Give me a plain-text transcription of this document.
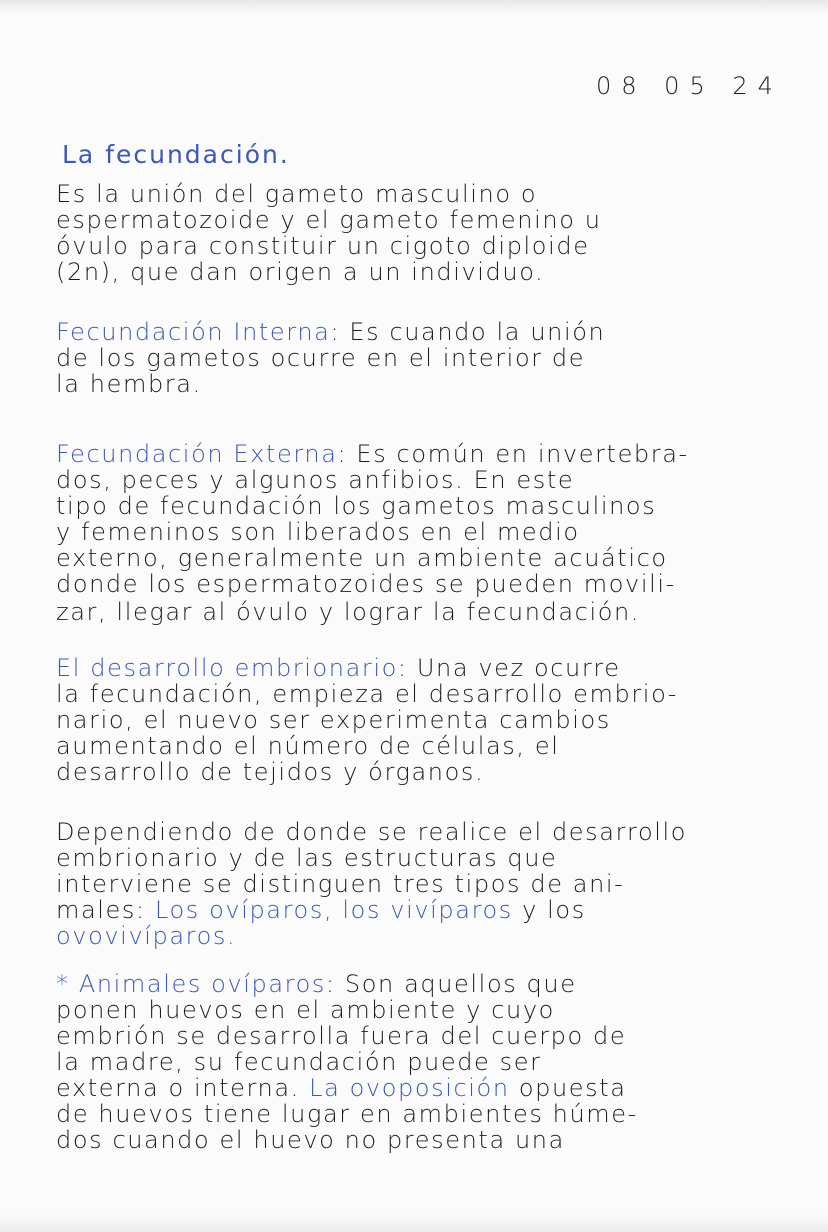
08 05 24
La fecundación.
Es la unión del gameto masculino o
espermatozoide y el gameto femenino u
óvulo para constituir un cigoto diploide
(2n), que dan origen a un individuo.
Fecundación Interna: Es cuando la unión
de los gametos ocurre en el interior de
la hembra.
Fecundación Externa: Es común en invertebra-
dos, peces y algunos anfibios. En este
tipo de fecundación los gametos masculinos
y femeninos son liberados en el medio
externo, generalmente un ambiente acuático
donde los espermatozoides se pueden movili-
zar, llegar al óvulo y lograr la fecundación.
El desarrollo embrionario: Una vez ocurre
la fecundación, empieza el desarrollo embrio-
nario, el nuevo ser experimenta cambios
aumentando el número de células, el
desarrollo de tejidos y órganos.
Dependiendo de donde se realice el desarrollo
embrionario y de las estructuras que
interviene se distinguen tres tipos de ani-
males: Los ovíparos, los vivíparos y los
ovovivíparos.
* Animales ovíparos: Son aquellos que
ponen huevos en el ambiente y cuyo
embrión se desarrolla fuera del cuerpo de
la madre, su fecundación puede ser
externa o interna. La ovoposición opuesta
de huevos tiene lugar en ambientes húme-
dos cuando el huevo no presenta una
